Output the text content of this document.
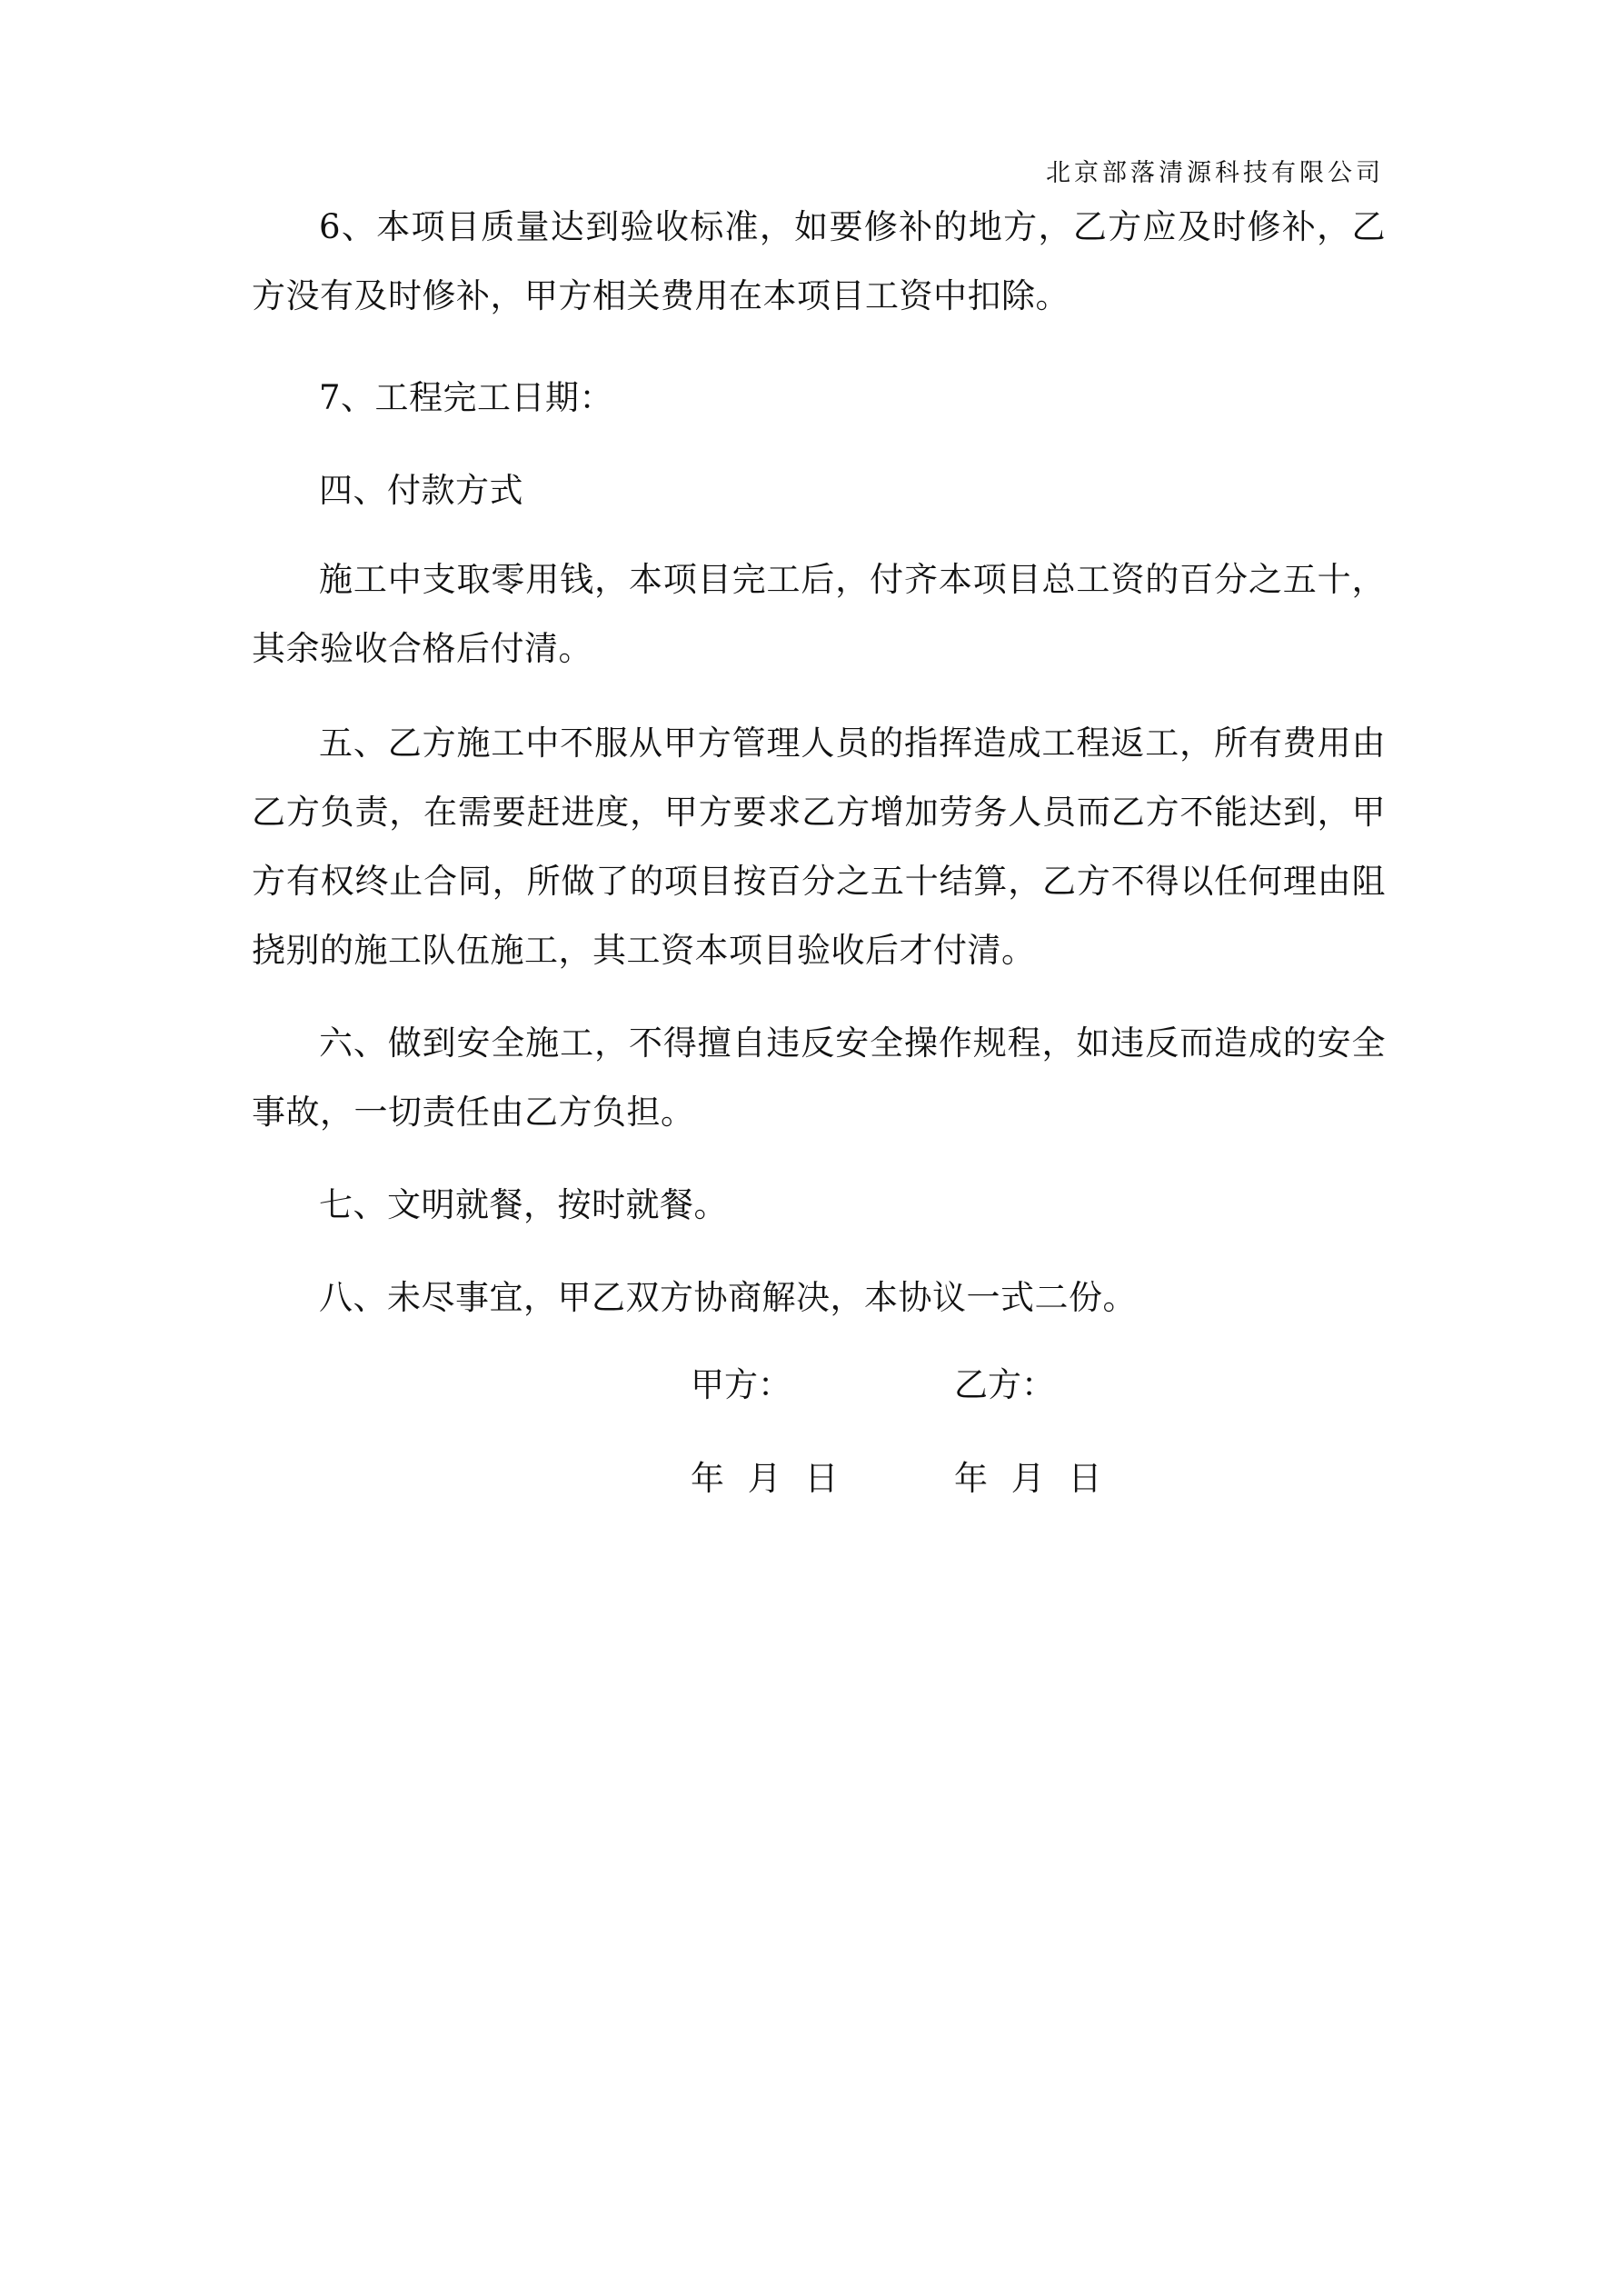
北京部落清源科技有限公司

6、本项目质量达到验收标准，如要修补的地方，乙方应及时修补，乙方没有及时修补，甲方相关费用在本项目工资中扣除。

7、工程完工日期：

四、付款方式

施工中支取零用钱，本项目完工后，付齐本项目总工资的百分之五十，其余验收合格后付清。

五、乙方施工中不服从甲方管理人员的指挥造成工程返工，所有费用由乙方负责，在需要赶进度，甲方要求乙方增加劳务人员而乙方不能达到，甲方有权终止合同，所做了的项目按百分之五十结算，乙方不得以任何理由阻挠别的施工队伍施工，其工资本项目验收后才付清。

六、做到安全施工，不得擅自违反安全操作规程，如违反而造成的安全事故，一切责任由乙方负担。

七、文明就餐，按时就餐。

八、未尽事宜，甲乙双方协商解决，本协议一式二份。

甲方：	乙方：

年 月 日	年 月 日
